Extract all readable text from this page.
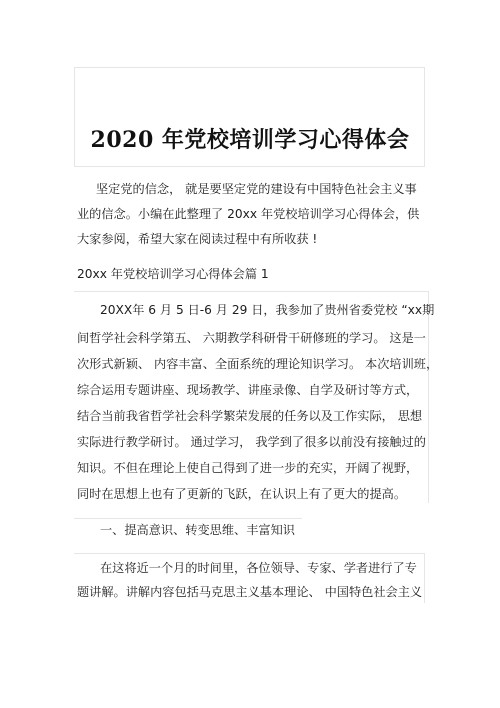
2020 年党校培训学习心得体会
坚定党的信念， 就是要坚定党的建设有中国特色社会主义事
业的信念。小编在此整理了 20xx 年党校培训学习心得体会，供
大家参阅，希望大家在阅读过程中有所收获 !
20xx 年党校培训学习心得体会篇 1
20XX年 6 月 5 日-6 月 29 日，我参加了贵州省委党校 “xx期
间哲学社会科学第五、 六期教学科研骨干研修班的学习。 这是一
次形式新颖、 内容丰富、全面系统的理论知识学习。 本次培训班，
综合运用专题讲座、现场教学、讲座录像、自学及研讨等方式，
结合当前我省哲学社会科学繁荣发展的任务以及工作实际， 思想
实际进行教学研讨。 通过学习， 我学到了很多以前没有接触过的
知识。不但在理论上使自己得到了进一步的充实，开阔了视野，
同时在思想上也有了更新的飞跃，在认识上有了更大的提高。
一、提高意识、转变思维、丰富知识
在这将近一个月的时间里，各位领导、专家、学者进行了专
题讲解。讲解内容包括马克思主义基本理论、 中国特色社会主义
